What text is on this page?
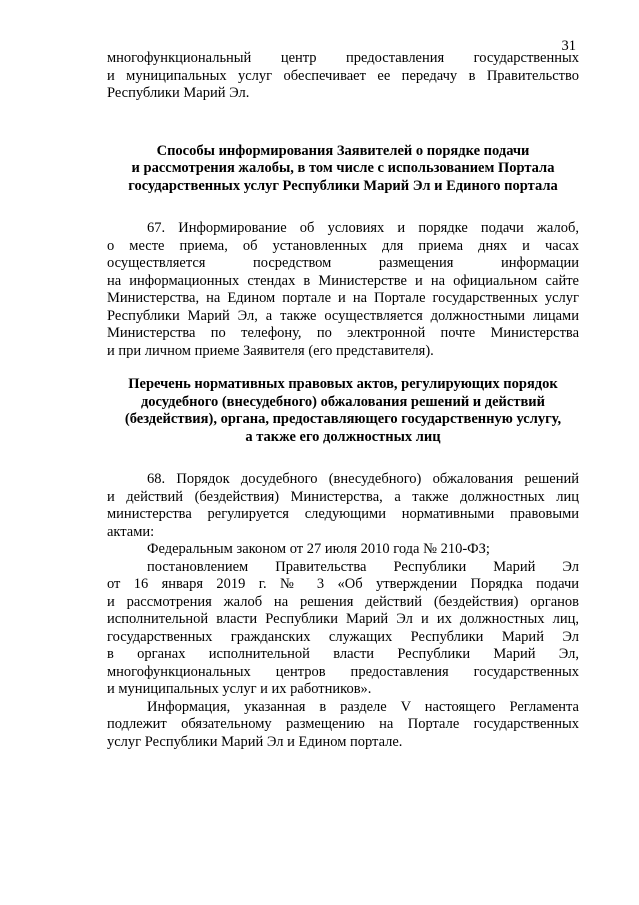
31
многофункциональный центр предоставления государственных
и муниципальных услуг обеспечивает ее передачу в Правительство
Республики Марий Эл.
Способы информирования Заявителей о порядке подачи
и рассмотрения жалобы, в том числе с использованием Портала
государственных услуг Республики Марий Эл и Единого портала
67. Информирование об условиях и порядке подачи жалоб,
о месте приема, об установленных для приема днях и часах
осуществляется посредством размещения информации
на информационных стендах в Министерстве и на официальном сайте
Министерства, на Едином портале и на Портале государственных услуг
Республики Марий Эл, а также осуществляется должностными лицами
Министерства по телефону, по электронной почте Министерства
и при личном приеме Заявителя (его представителя).
Перечень нормативных правовых актов, регулирующих порядок
досудебного (внесудебного) обжалования решений и действий
(бездействия), органа, предоставляющего государственную услугу,
а также его должностных лиц
68. Порядок досудебного (внесудебного) обжалования решений
и действий (бездействия) Министерства, а также должностных лиц
министерства регулируется следующими нормативными правовыми
актами:
Федеральным законом от 27 июля 2010 года № 210-ФЗ;
постановлением Правительства Республики Марий Эл
от 16 января 2019 г. № 3 «Об утверждении Порядка подачи
и рассмотрения жалоб на решения действий (бездействия) органов
исполнительной власти Республики Марий Эл и их должностных лиц,
государственных гражданских служащих Республики Марий Эл
в органах исполнительной власти Республики Марий Эл,
многофункциональных центров предоставления государственных
и муниципальных услуг и их работников».
Информация, указанная в разделе V настоящего Регламента
подлежит обязательному размещению на Портале государственных
услуг Республики Марий Эл и Едином портале.
